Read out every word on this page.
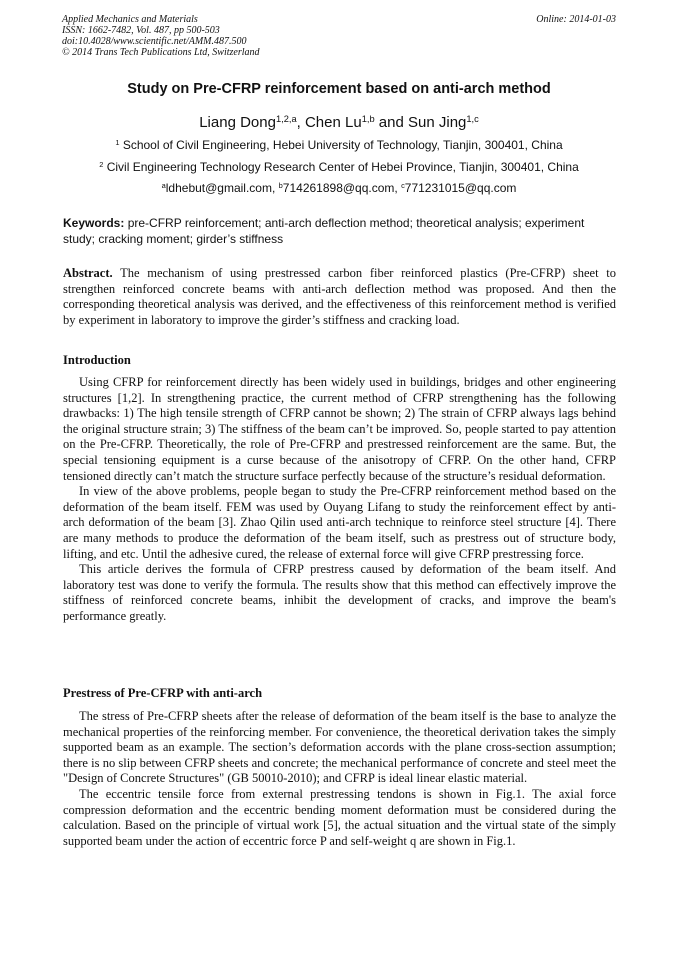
Applied Mechanics and Materials
ISSN: 1662-7482, Vol. 487, pp 500-503
doi:10.4028/www.scientific.net/AMM.487.500
© 2014 Trans Tech Publications Ltd, Switzerland
Online: 2014-01-03
Study on Pre-CFRP reinforcement based on anti-arch method
Liang Dong$^{1,2,a}$, Chen Lu$^{1,b}$ and Sun Jing$^{1,c}$
$^1$ School of Civil Engineering, Hebei University of Technology, Tianjin, 300401, China
$^2$ Civil Engineering Technology Research Center of Hebei Province, Tianjin, 300401, China
$^a$ldhebut@gmail.com, $^b$714261898@qq.com, $^c$771231015@qq.com
Keywords: pre-CFRP reinforcement; anti-arch deflection method; theoretical analysis; experiment study; cracking moment; girder’s stiffness

Abstract. The mechanism of using prestressed carbon fiber reinforced plastics (Pre-CFRP) sheet to strengthen reinforced concrete beams with anti-arch deflection method was proposed. And then the corresponding theoretical analysis was derived, and the effectiveness of this reinforcement method is verified by experiment in laboratory to improve the girder’s stiffness and cracking load.

Introduction

Using CFRP for reinforcement directly has been widely used in buildings, bridges and other engineering structures [1,2]. In strengthening practice, the current method of CFRP strengthening has the following drawbacks: 1) The high tensile strength of CFRP cannot be shown; 2) The strain of CFRP always lags behind the original structure strain; 3) The stiffness of the beam can’t be improved. So, people started to pay attention on the Pre-CFRP. Theoretically, the role of Pre-CFRP and prestressed reinforcement are the same. But, the special tensioning equipment is a curse because of the anisotropy of CFRP. On the other hand, CFRP tensioned directly can’t match the structure surface perfectly because of the structure’s residual deformation.

In view of the above problems, people began to study the Pre-CFRP reinforcement method based on the deformation of the beam itself. FEM was used by Ouyang Lifang to study the reinforcement effect by anti-arch deformation of the beam [3]. Zhao Qilin used anti-arch technique to reinforce steel structure [4]. There are many methods to produce the deformation of the beam itself, such as prestress out of structure body, lifting, and etc. Until the adhesive cured, the release of external force will give CFRP prestressing force.

This article derives the formula of CFRP prestress caused by deformation of the beam itself. And laboratory test was done to verify the formula. The results show that this method can effectively improve the stiffness of reinforced concrete beams, inhibit the development of cracks, and improve the beam's performance greatly.

Prestress of Pre-CFRP with anti-arch

The stress of Pre-CFRP sheets after the release of deformation of the beam itself is the base to analyze the mechanical properties of the reinforcing member. For convenience, the theoretical derivation takes the simply supported beam as an example. The section’s deformation accords with the plane cross-section assumption; there is no slip between CFRP sheets and concrete; the mechanical performance of concrete and steel meet the "Design of Concrete Structures" (GB 50010-2010); and CFRP is ideal linear elastic material.

The eccentric tensile force from external prestressing tendons is shown in Fig.1. The axial force compression deformation and the eccentric bending moment deformation must be considered during the calculation. Based on the principle of virtual work [5], the actual situation and the virtual state of the simply supported beam under the action of eccentric force P and self-weight q are shown in Fig.1.
